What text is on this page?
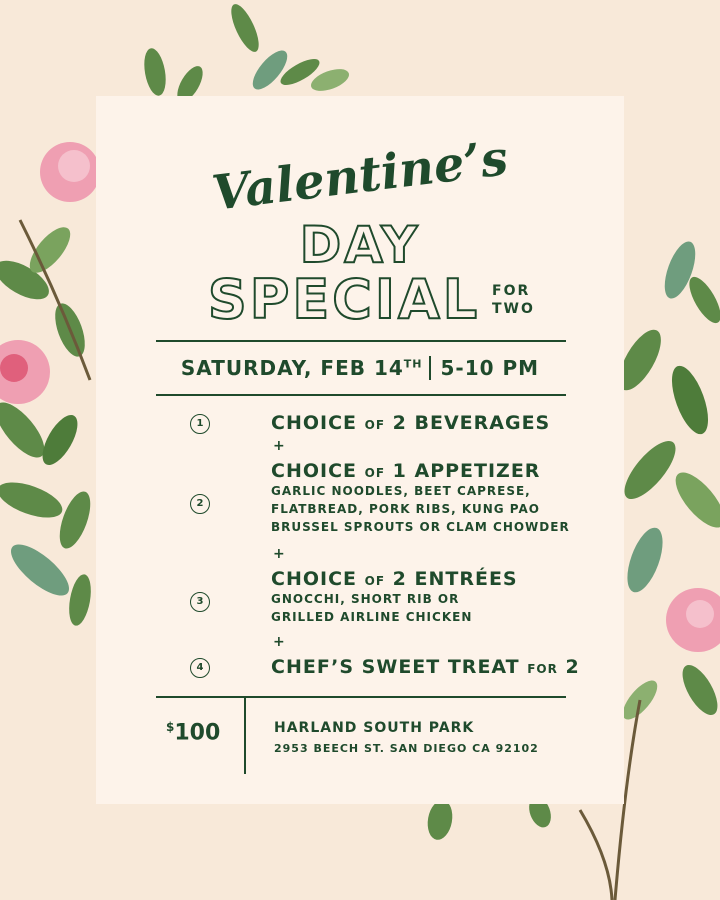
Valentine’s
DAY
SPECIAL FOR
TWO
SATURDAY, FEB 14TH 5-10 PM
1	CHOICE OF 2 BEVERAGES
+
2
CHOICE OF 1 APPETIZER
GARLIC NOODLES, BEET CAPRESE,
FLATBREAD, PORK RIBS, KUNG PAO
BRUSSEL SPROUTS OR CLAM CHOWDER
+
3
CHOICE OF 2 ENTRÉES
GNOCCHI, SHORT RIB OR
GRILLED AIRLINE CHICKEN
+
4	CHEF’S SWEET TREAT FOR 2
$100	HARLAND SOUTH PARK
2953 BEECH ST. SAN DIEGO CA 92102
